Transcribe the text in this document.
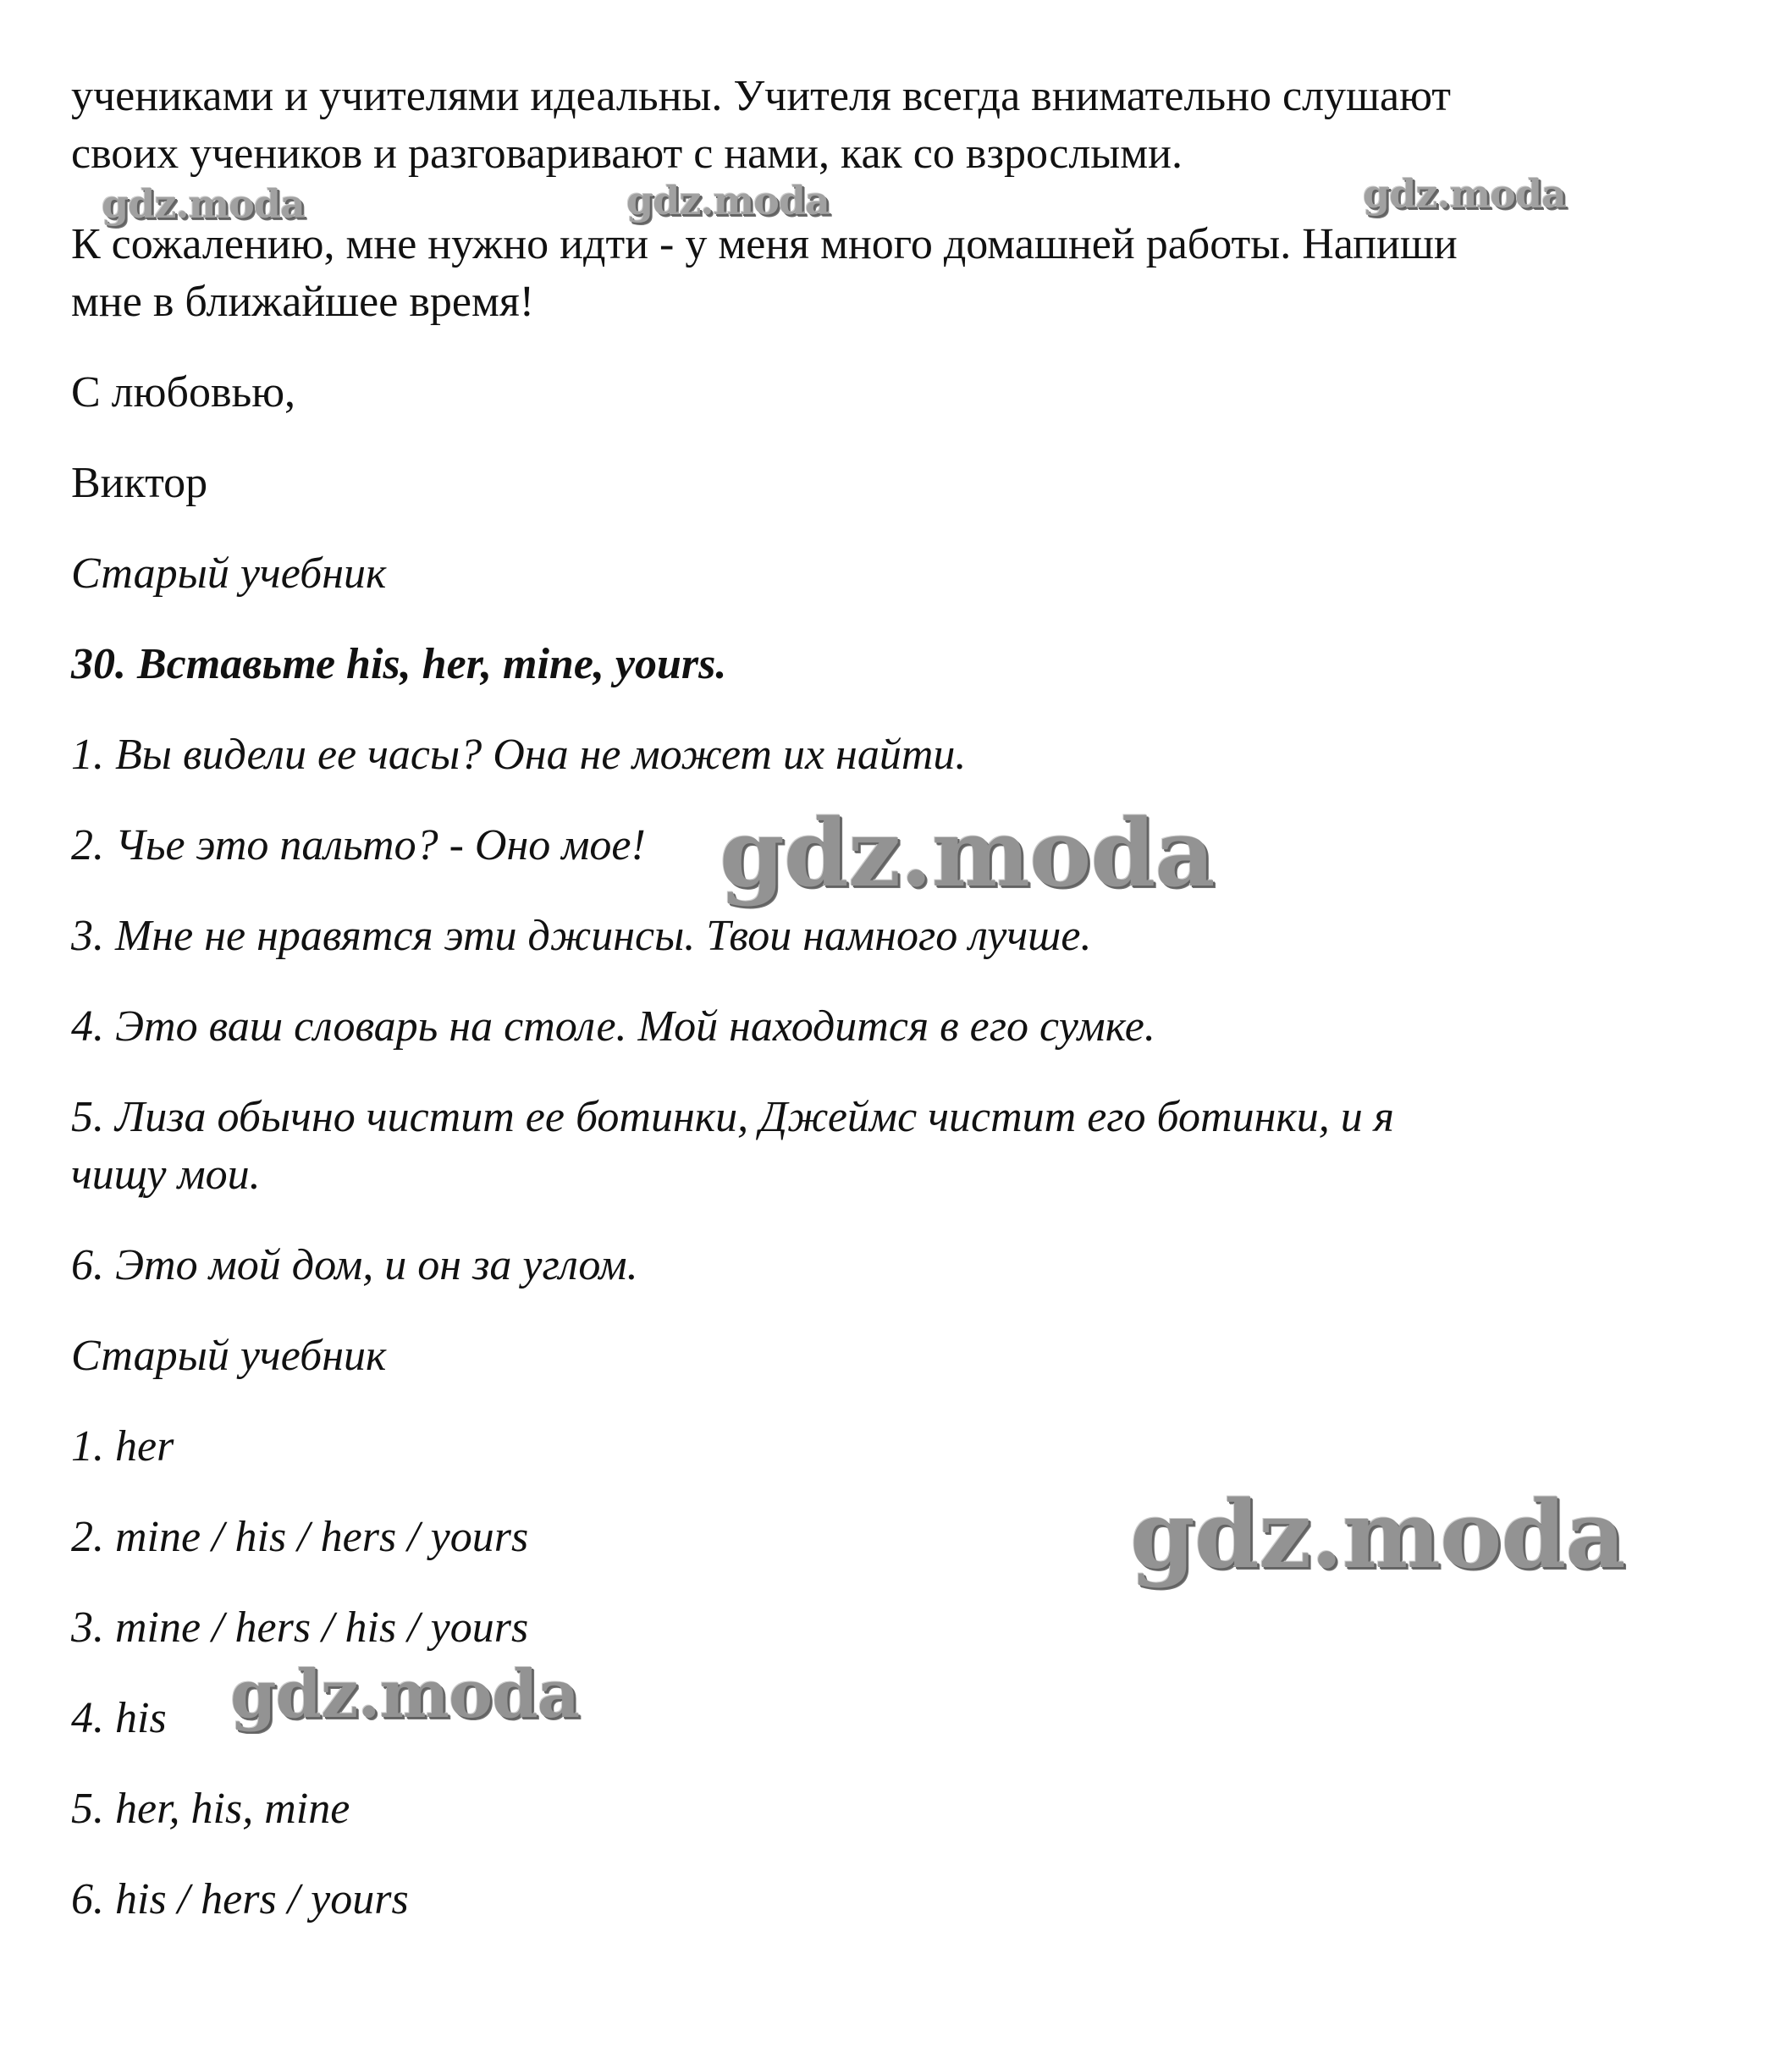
учениками и учителями идеальны. Учителя всегда внимательно слушают

своих учеников и разговаривают с нами, как со взрослыми.

К сожалению, мне нужно идти - у меня много домашней работы. Напиши

мне в ближайшее время!

С любовью,

Виктор

Старый учебник

30. Вставьте his, her, mine, yours.

1. Вы видели ее часы? Она не может их найти.

2. Чье это пальто? - Оно мое!

3. Мне не нравятся эти джинсы. Твои намного лучше.

4. Это ваш словарь на столе. Мой находится в его сумке.

5. Лиза обычно чистит ее ботинки, Джеймс чистит его ботинки, и я

чищу мои.

6. Это мой дом, и он за углом.

Старый учебник

1. her

2. mine / his / hers / yours

3. mine / hers / his / yours

4. his

5. her, his, mine

6. his / hers / yours

gdz.moda	gdz.moda	gdz.moda
gdz.moda
gdz.moda
gdz.moda
